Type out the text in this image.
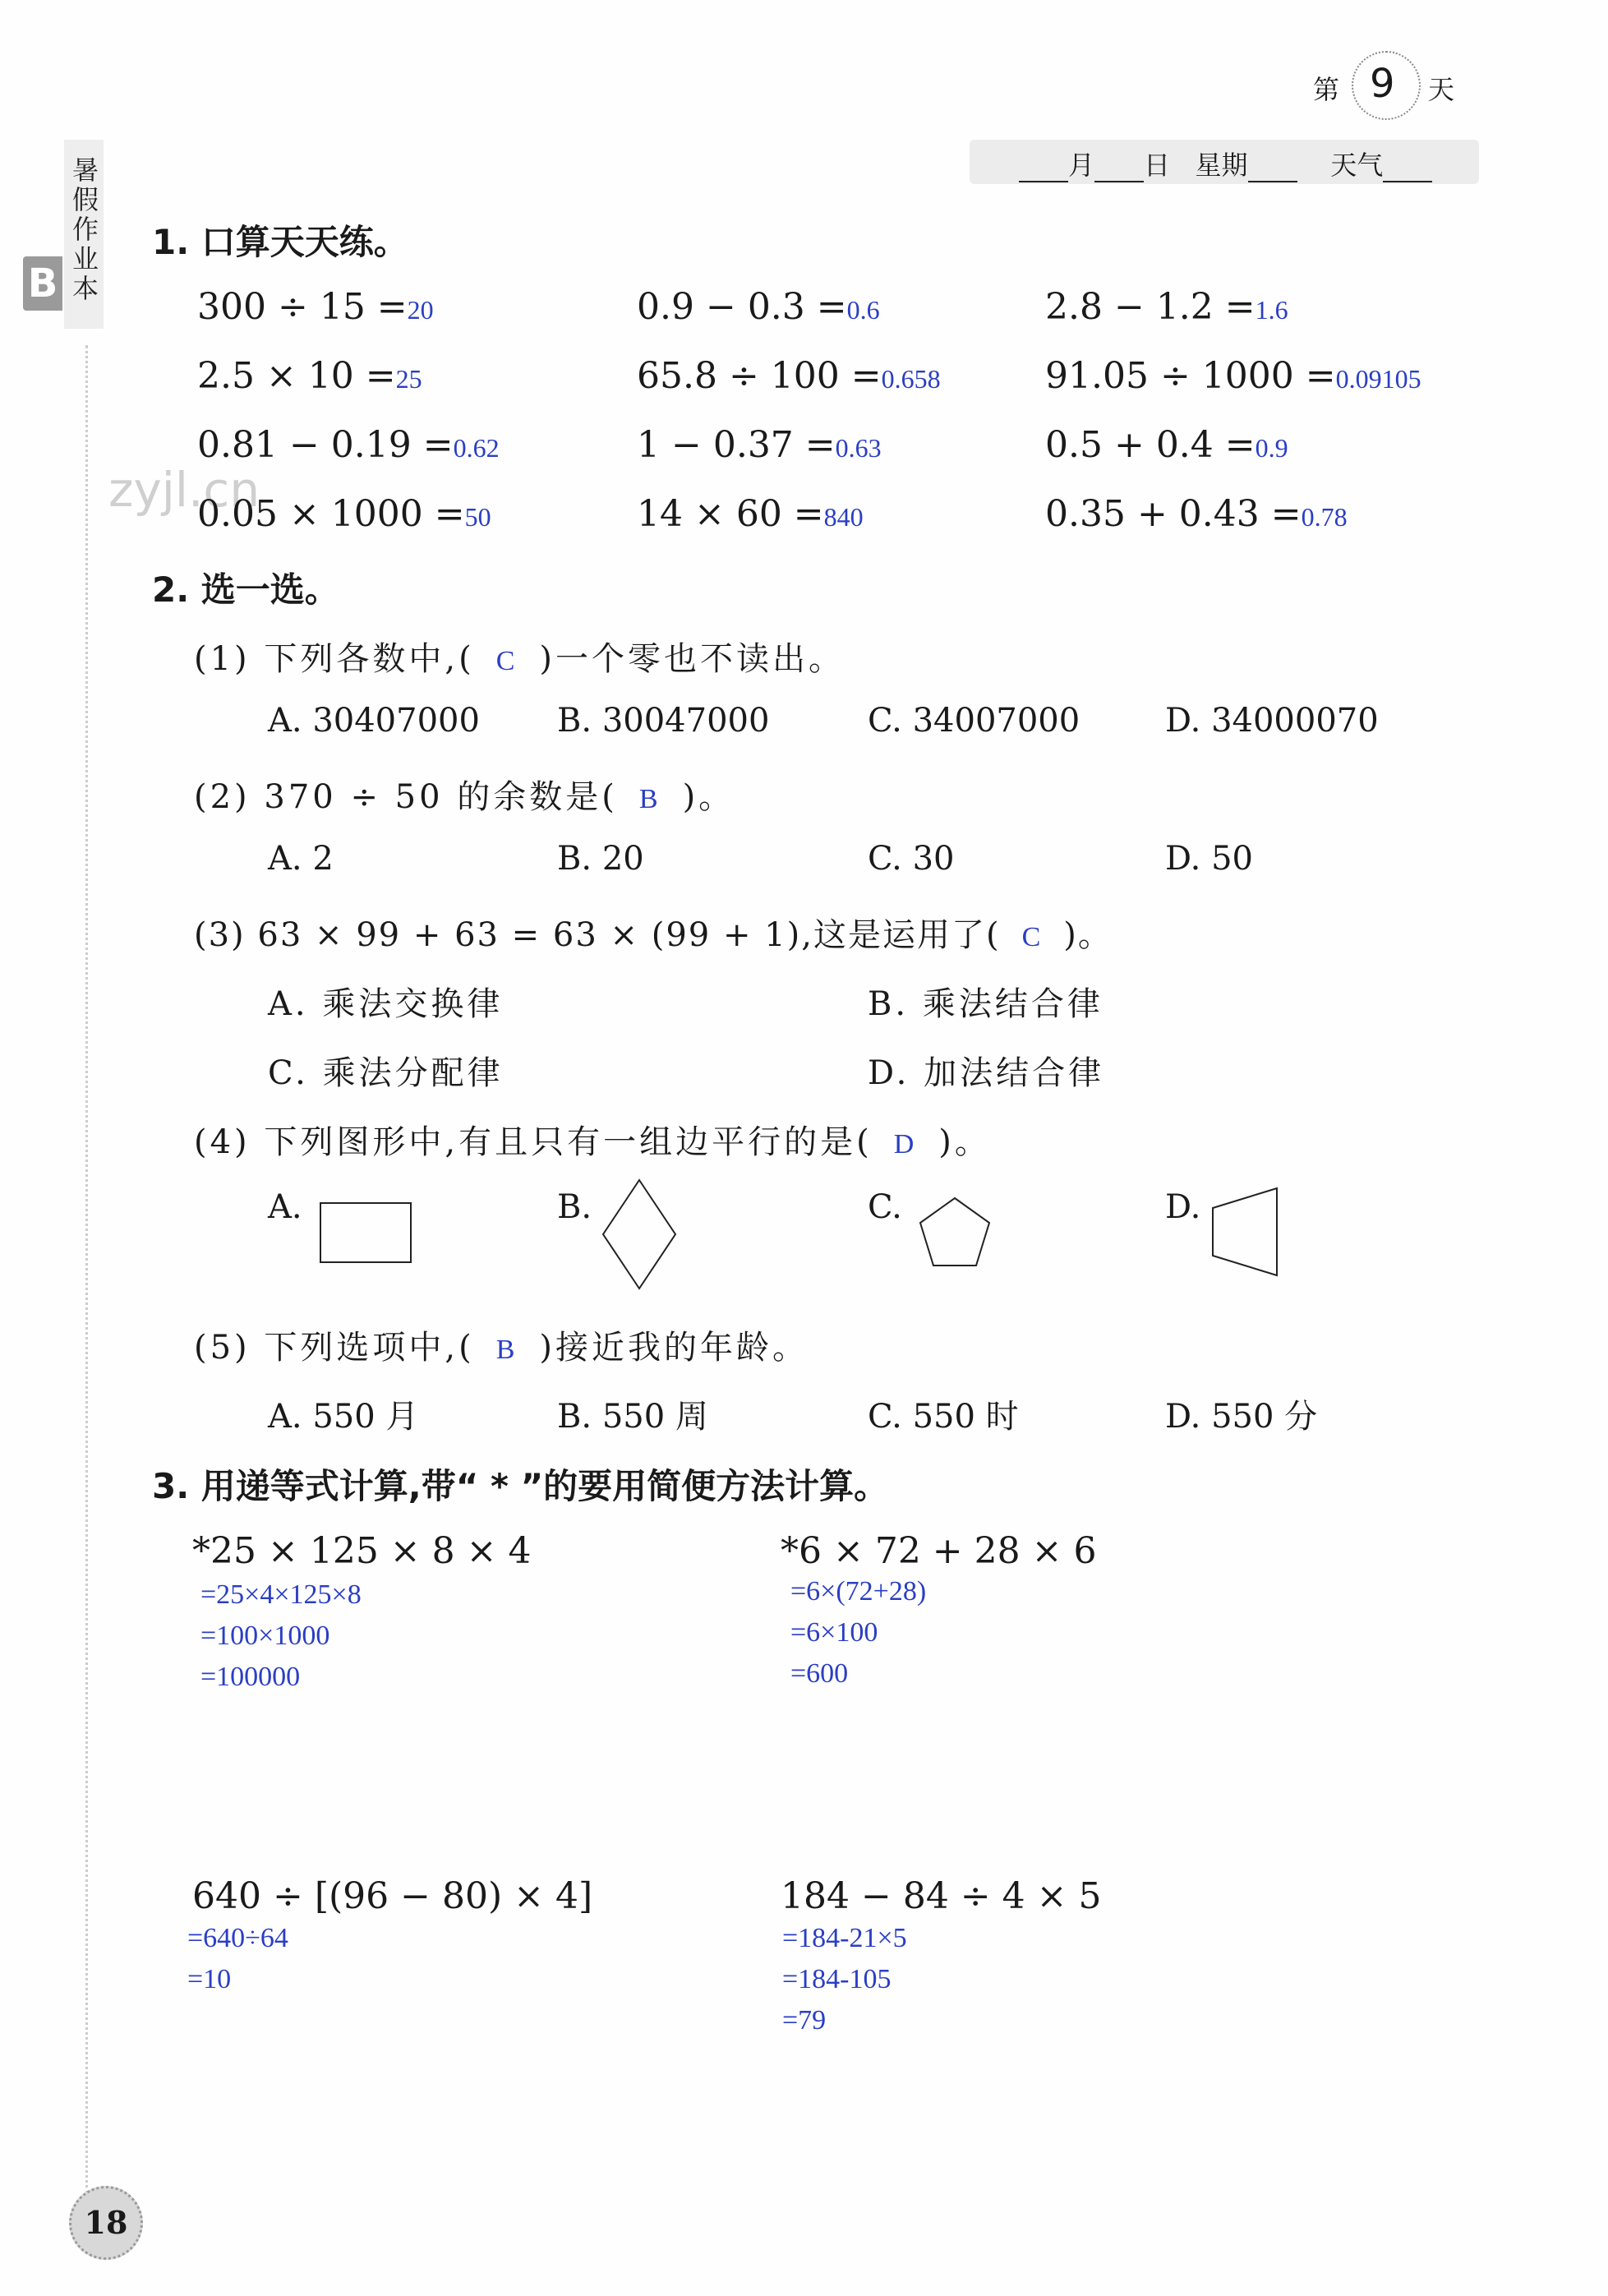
暑假作业本
B
第 9 天
月 日 星期	天气
zyjl.cn
1. 口算天天练。
300 ÷ 15 =20	0.9 − 0.3 =0.6	2.8 − 1.2 =1.6
2.5 × 10 =25	65.8 ÷ 100 =0.658	91.05 ÷ 1000 =0.09105
0.81 − 0.19 =0.62	1 − 0.37 =0.63	0.5 + 0.4 =0.9
0.05 × 1000 =50	14 × 60 =840	0.35 + 0.43 =0.78
2. 选一选。
(1) 下列各数中,( C )一个零也不读出。
A. 30407000 B. 30047000	C. 34007000	D. 34000070
(2) 370 ÷ 50 的余数是( B )。
A. 2	B. 20	C. 30	D. 50
(3) 63 × 99 + 63 = 63 × (99 + 1),这是运用了( C )。
A. 乘法交换律	B. 乘法结合律
C. 乘法分配律	D. 加法结合律
(4) 下列图形中,有且只有一组边平行的是( D )。
A.	B.	C.	D.
(5) 下列选项中,( B )接近我的年龄。
A. 550 月	B. 550 周	C. 550 时	D. 550 分
3. 用递等式计算,带“ * ”的要用简便方法计算。
*25 × 125 × 8 × 4
=25×4×125×8
=100×1000
=100000
*6 × 72 + 28 × 6
=6×(72+28)
=6×100
=600
640 ÷ [(96 − 80) × 4]
=640÷64
=10
184 − 84 ÷ 4 × 5
=184-21×5
=184-105
=79
18
